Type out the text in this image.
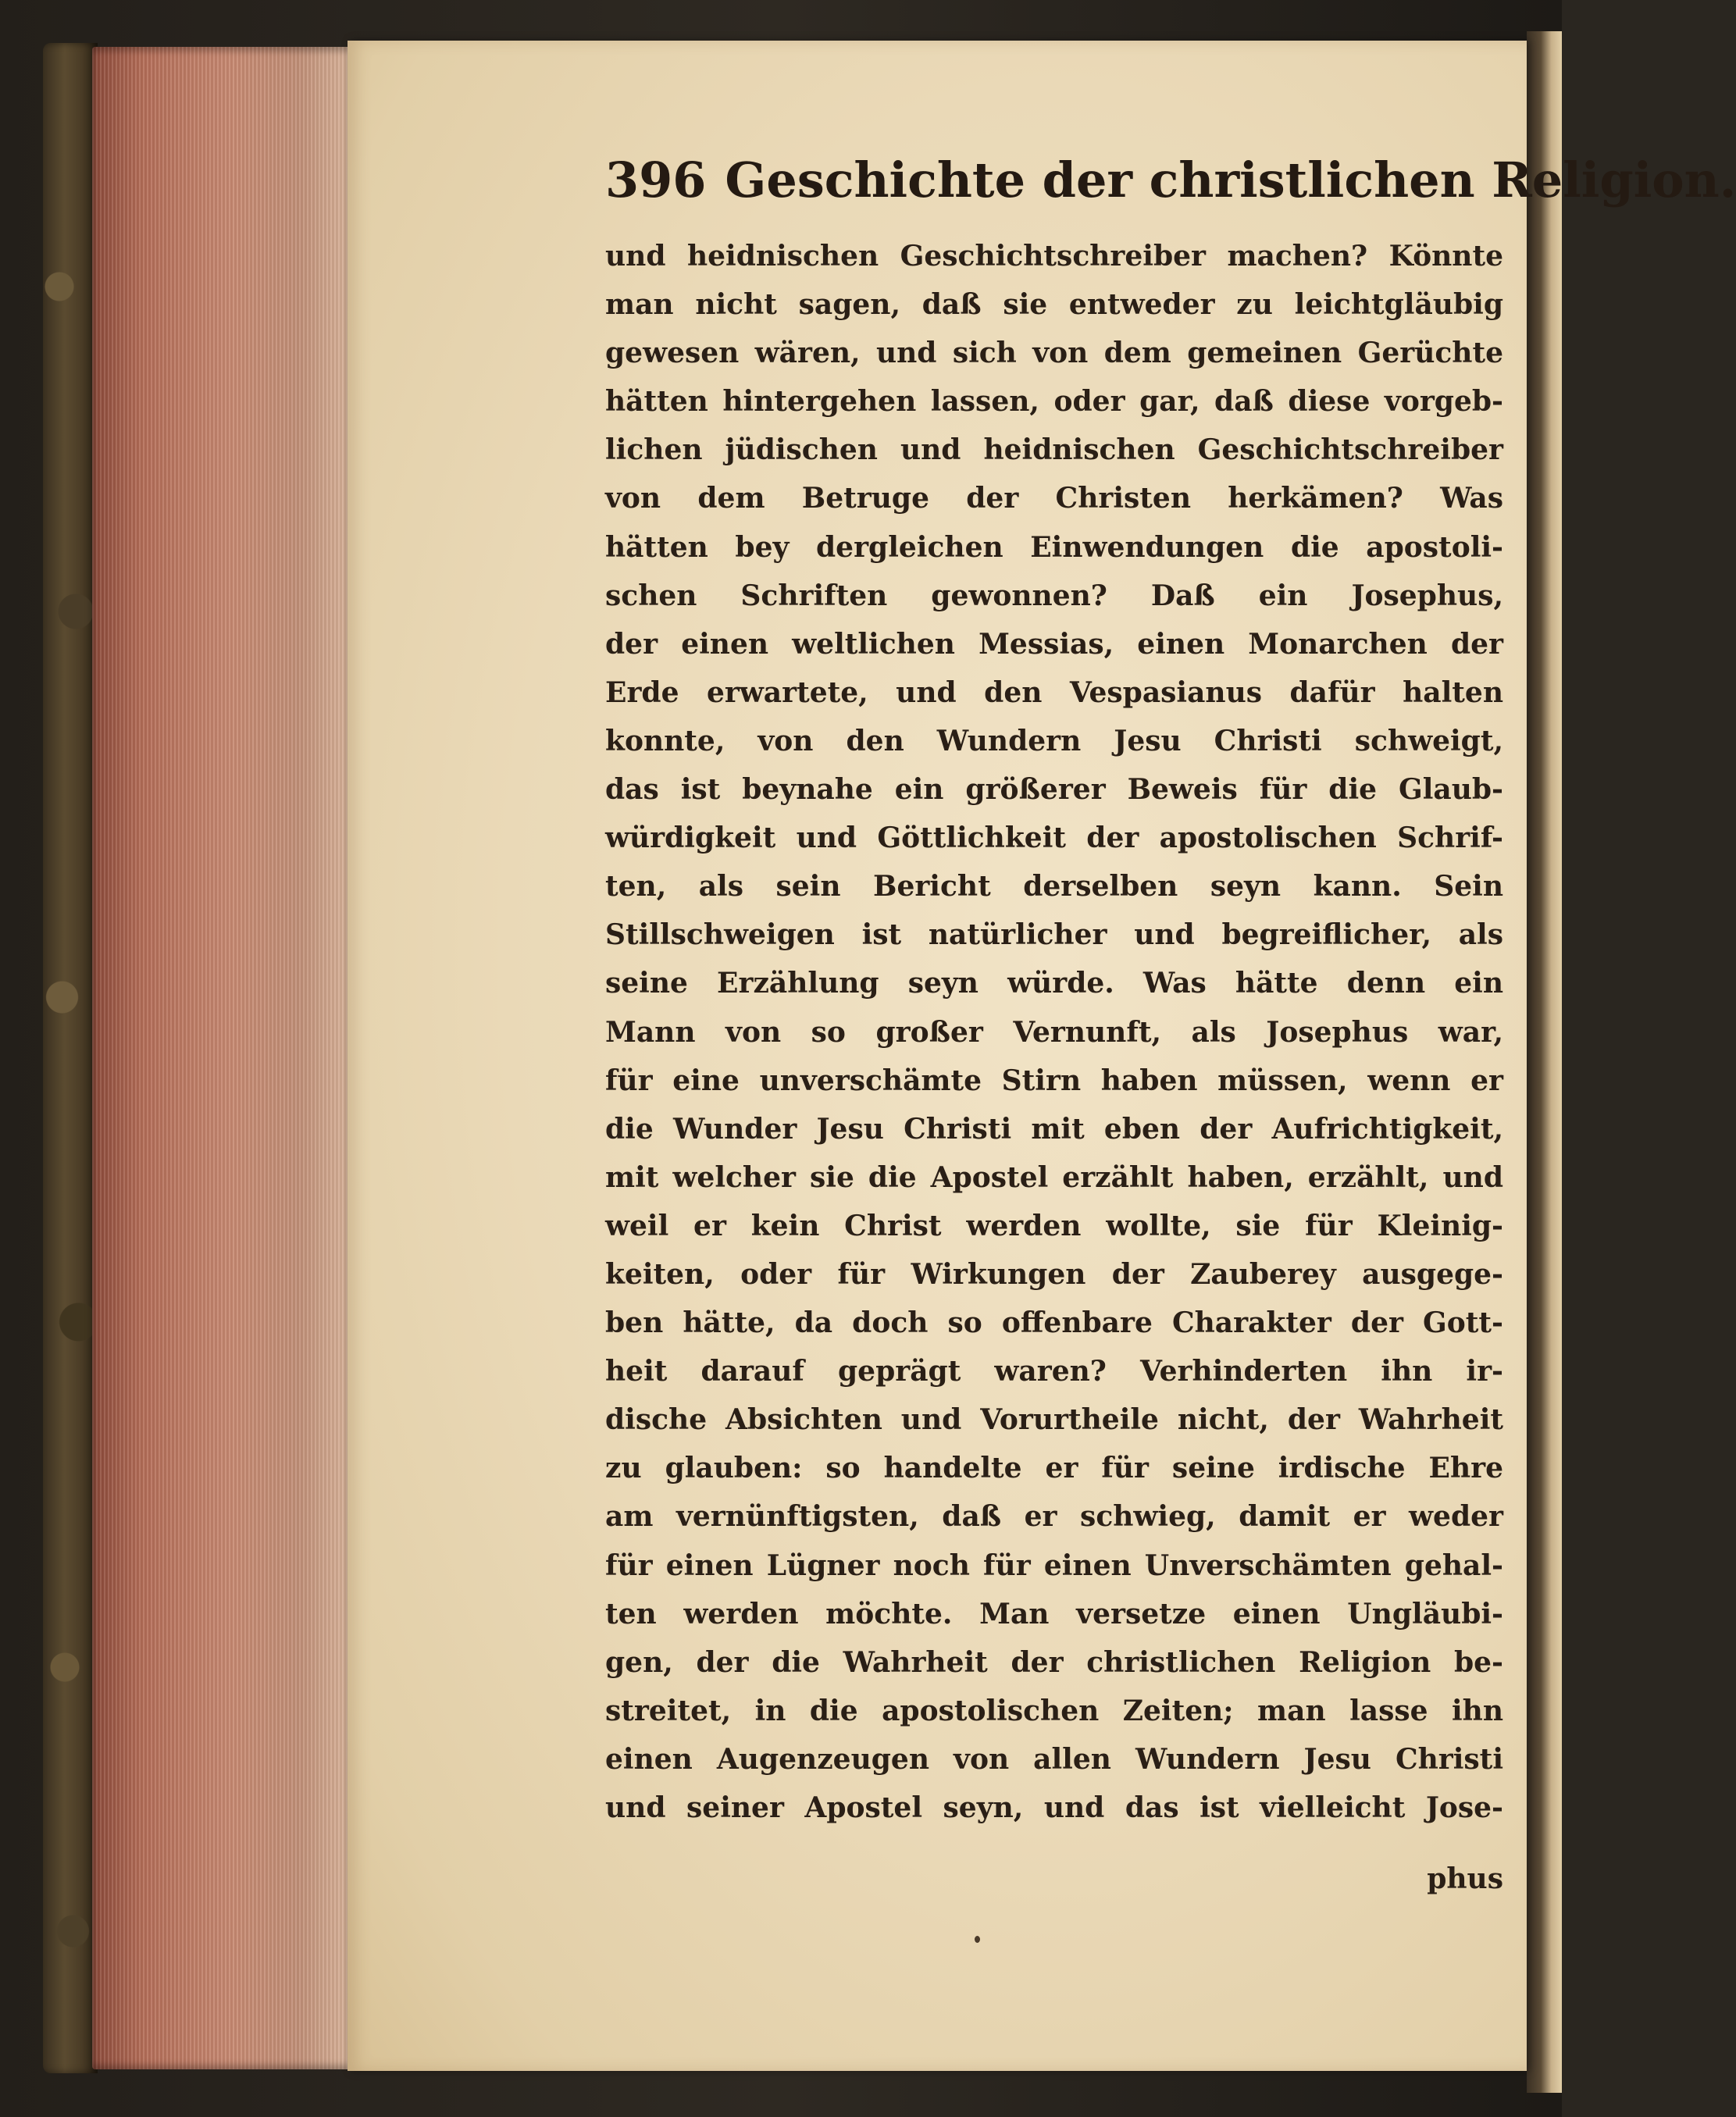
396 Geschichte der christlichen Religion.
und heidnischen Geschichtschreiber machen? Könnte
man nicht sagen, daß sie entweder zu leichtgläubig
gewesen wären, und sich von dem gemeinen Gerüchte
hätten hintergehen lassen, oder gar, daß diese vorgeb-
lichen jüdischen und heidnischen Geschichtschreiber
von dem Betruge der Christen herkämen? Was
hätten bey dergleichen Einwendungen die apostoli-
schen Schriften gewonnen? Daß ein Josephus,
der einen weltlichen Messias, einen Monarchen der
Erde erwartete, und den Vespasianus dafür halten
konnte, von den Wundern Jesu Christi schweigt,
das ist beynahe ein größerer Beweis für die Glaub-
würdigkeit und Göttlichkeit der apostolischen Schrif-
ten, als sein Bericht derselben seyn kann. Sein
Stillschweigen ist natürlicher und begreiflicher, als
seine Erzählung seyn würde. Was hätte denn ein
Mann von so großer Vernunft, als Josephus war,
für eine unverschämte Stirn haben müssen, wenn er
die Wunder Jesu Christi mit eben der Aufrichtigkeit,
mit welcher sie die Apostel erzählt haben, erzählt, und
weil er kein Christ werden wollte, sie für Kleinig-
keiten, oder für Wirkungen der Zauberey ausgege-
ben hätte, da doch so offenbare Charakter der Gott-
heit darauf geprägt waren? Verhinderten ihn ir-
dische Absichten und Vorurtheile nicht, der Wahrheit
zu glauben: so handelte er für seine irdische Ehre
am vernünftigsten, daß er schwieg, damit er weder
für einen Lügner noch für einen Unverschämten gehal-
ten werden möchte. Man versetze einen Ungläubi-
gen, der die Wahrheit der christlichen Religion be-
streitet, in die apostolischen Zeiten; man lasse ihn
einen Augenzeugen von allen Wundern Jesu Christi
und seiner Apostel seyn, und das ist vielleicht Jose-
phus
